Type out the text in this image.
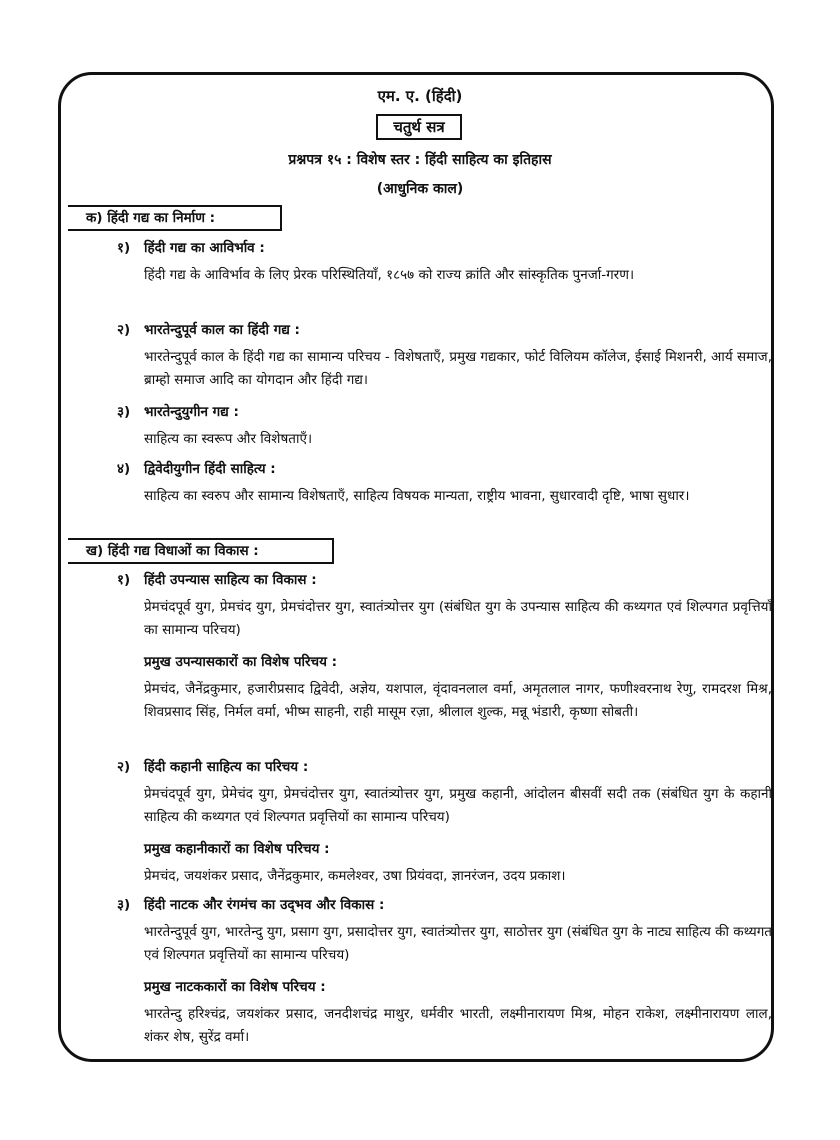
एम. ए. (हिंदी)
चतुर्थ सत्र
प्रश्नपत्र १५ : विशेष स्तर : हिंदी साहित्य का इतिहास
(आधुनिक काल)
क) हिंदी गद्य का निर्माण :
१) हिंदी गद्य का आविर्भाव :

हिंदी गद्य के आविर्भाव के लिए प्रेरक परिस्थितियाँ, १८५७ को राज्य क्रांति और सांस्कृतिक पुनर्जा-गरण।

२) भारतेन्दुपूर्व काल का हिंदी गद्य :

भारतेन्दुपूर्व काल के हिंदी गद्य का सामान्य परिचय - विशेषताएँ, प्रमुख गद्यकार, फोर्ट विलियम कॉलेज, ईसाई मिशनरी, आर्य समाज, ब्राम्हो समाज आदि का योगदान और हिंदी गद्य।

३) भारतेन्दुयुगीन गद्य :

साहित्य का स्वरूप और विशेषताएँ।

४) द्विवेदीयुगीन हिंदी साहित्य :

साहित्य का स्वरुप और सामान्य विशेषताएँ, साहित्य विषयक मान्यता, राष्ट्रीय भावना, सुधारवादी दृष्टि, भाषा सुधार।

ख) हिंदी गद्य विधाओं का विकास :
१) हिंदी उपन्यास साहित्य का विकास :

प्रेमचंदपूर्व युग, प्रेमचंद युग, प्रेमचंदोत्तर युग, स्वातंत्र्योत्तर युग (संबंधित युग के उपन्यास साहित्य की कथ्यगत एवं शिल्पगत प्रवृत्तियाँ का सामान्य परिचय)

प्रमुख उपन्यासकारों का विशेष परिचय :

प्रेमचंद, जैनेंद्रकुमार, हजारीप्रसाद द्विवेदी, अज्ञेय, यशपाल, वृंदावनलाल वर्मा, अमृतलाल नागर, फणीश्वरनाथ रेणु, रामदरश मिश्र, शिवप्रसाद सिंह, निर्मल वर्मा, भीष्म साहनी, राही मासूम रज़ा, श्रीलाल शुल्क, मन्नू भंडारी, कृष्णा सोबती।

२) हिंदी कहानी साहित्य का परिचय :

प्रेमचंदपूर्व युग, प्रेमेचंद युग, प्रेमचंदोत्तर युग, स्वातंत्र्योत्तर युग, प्रमुख कहानी, आंदोलन बीसवीं सदी तक (संबंधित युग के कहानी साहित्य की कथ्यगत एवं शिल्पगत प्रवृत्तियों का सामान्य परिचय)

प्रमुख कहानीकारों का विशेष परिचय :

प्रेमचंद, जयशंकर प्रसाद, जैनेंद्रकुमार, कमलेश्वर, उषा प्रियंवदा, ज्ञानरंजन, उदय प्रकाश।

३) हिंदी नाटक और रंगमंच का उद्‌भव और विकास :

भारतेन्दुपूर्व युग, भारतेन्दु युग, प्रसाग युग, प्रसादोत्तर युग, स्वातंत्र्योत्तर युग, साठोत्तर युग (संबंधित युग के नाट्य साहित्य की कथ्यगत एवं शिल्पगत प्रवृत्तियों का सामान्य परिचय)

प्रमुख नाटककारों का विशेष परिचय :

भारतेन्दु हरिश्चंद्र, जयशंकर प्रसाद, जनदीशचंद्र माथुर, धर्मवीर भारती, लक्ष्मीनारायण मिश्र, मोहन राकेश, लक्ष्मीनारायण लाल, शंकर शेष, सुरेंद्र वर्मा।
